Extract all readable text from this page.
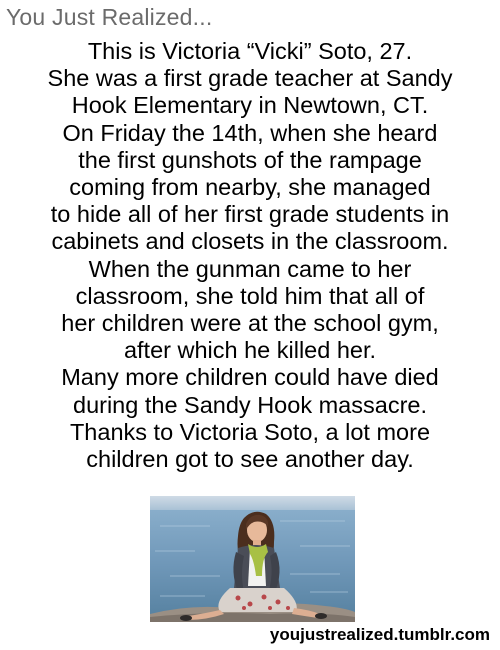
You Just Realized...
This is Victoria “Vicki” Soto, 27.
She was a first grade teacher at Sandy
Hook Elementary in Newtown, CT.
On Friday the 14th, when she heard
the first gunshots of the rampage
coming from nearby, she managed
to hide all of her first grade students in
cabinets and closets in the classroom.
When the gunman came to her
classroom, she told him that all of
her children were at the school gym,
after which he killed her.
Many more children could have died
during the Sandy Hook massacre.
Thanks to Victoria Soto, a lot more
children got to see another day.
youjustrealized.tumblr.com
